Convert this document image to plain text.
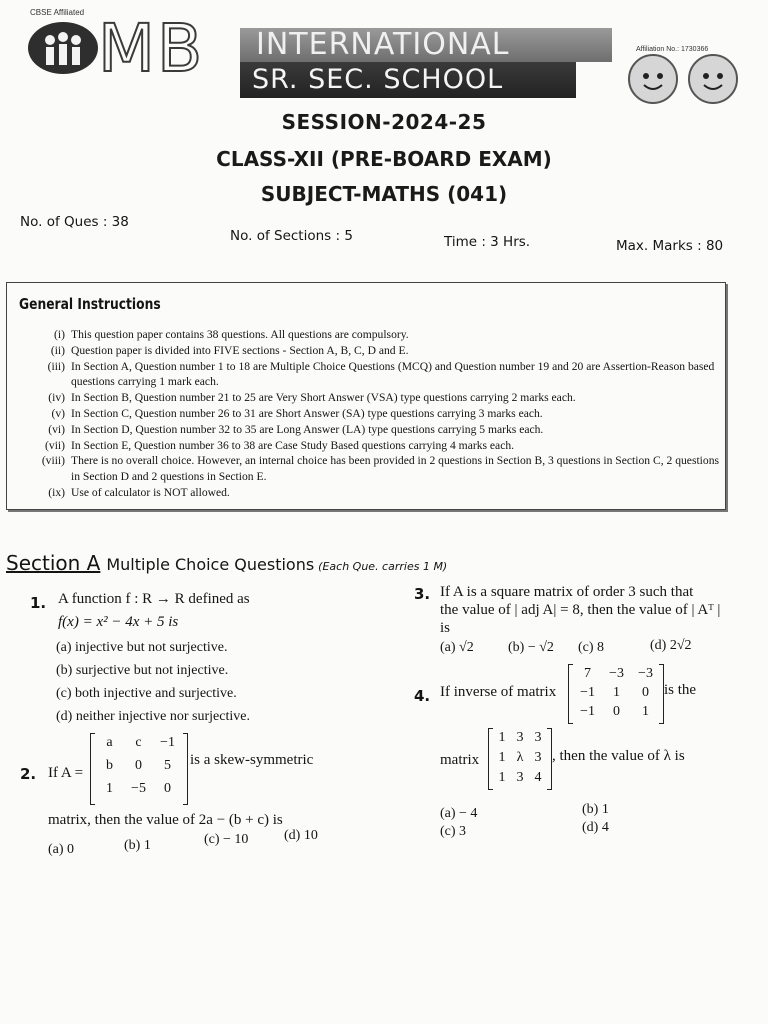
CBSE Affiliated MB	INTERNATIONAL
SR. SEC. SCHOOL
Affiliation No.: 1730366
SESSION-2024-25
CLASS-XII (PRE-BOARD EXAM)
SUBJECT-MATHS (041)
No. of Ques : 38
No. of Sections : 5	Time : 3 Hrs.	Max. Marks : 80
General Instructions
(i) This question paper contains 38 questions. All questions are compulsory.
(ii) Question paper is divided into FIVE sections - Section A, B, C, D and E.
(iii) In Section A, Question number 1 to 18 are Multiple Choice Questions (MCQ) and Question number 19 and 20 are Assertion-Reason based questions carrying 1 mark each.
(iv) In Section B, Question number 21 to 25 are Very Short Answer (VSA) type questions carrying 2 marks each.
(v) In Section C, Question number 26 to 31 are Short Answer (SA) type questions carrying 3 marks each.
(vi) In Section D, Question number 32 to 35 are Long Answer (LA) type questions carrying 5 marks each.
(vii) In Section E, Question number 36 to 38 are Case Study Based questions carrying 4 marks each.
(viii) There is no overall choice. However, an internal choice has been provided in 2 questions in Section B, 3 questions in Section C, 2 questions in Section D and 2 questions in Section E.
(ix) Use of calculator is NOT allowed.
Section A Multiple Choice Questions (Each Que. carries 1 M)
1. A function f : R → R defined as
f(x) = x² − 4x + 5 is
(a) injective but not surjective.
(b) surjective but not injective.
(c) both injective and surjective.
(d) neither injective nor surjective.
2. If A =
a	c	−1
b	0	5
1	−5	0
is a skew-symmetric
matrix, then the value of 2a − (b + c) is
(a) 0	(b) 1	(c) − 10	(d) 10
3. If A is a square matrix of order 3 such that
the value of | adj A| = 8, then the value of | Aᵀ |
is
(a) √2 (b) − √2 (c) 8	(d) 2√2
4. If inverse of matrix
7	−3	−3
−1	1	0
−1	0	1
is the
matrix
1 3 3
1 λ 3
1 3 4
, then the value of λ is
(a) − 4	(b) 1
(c) 3	(d) 4
